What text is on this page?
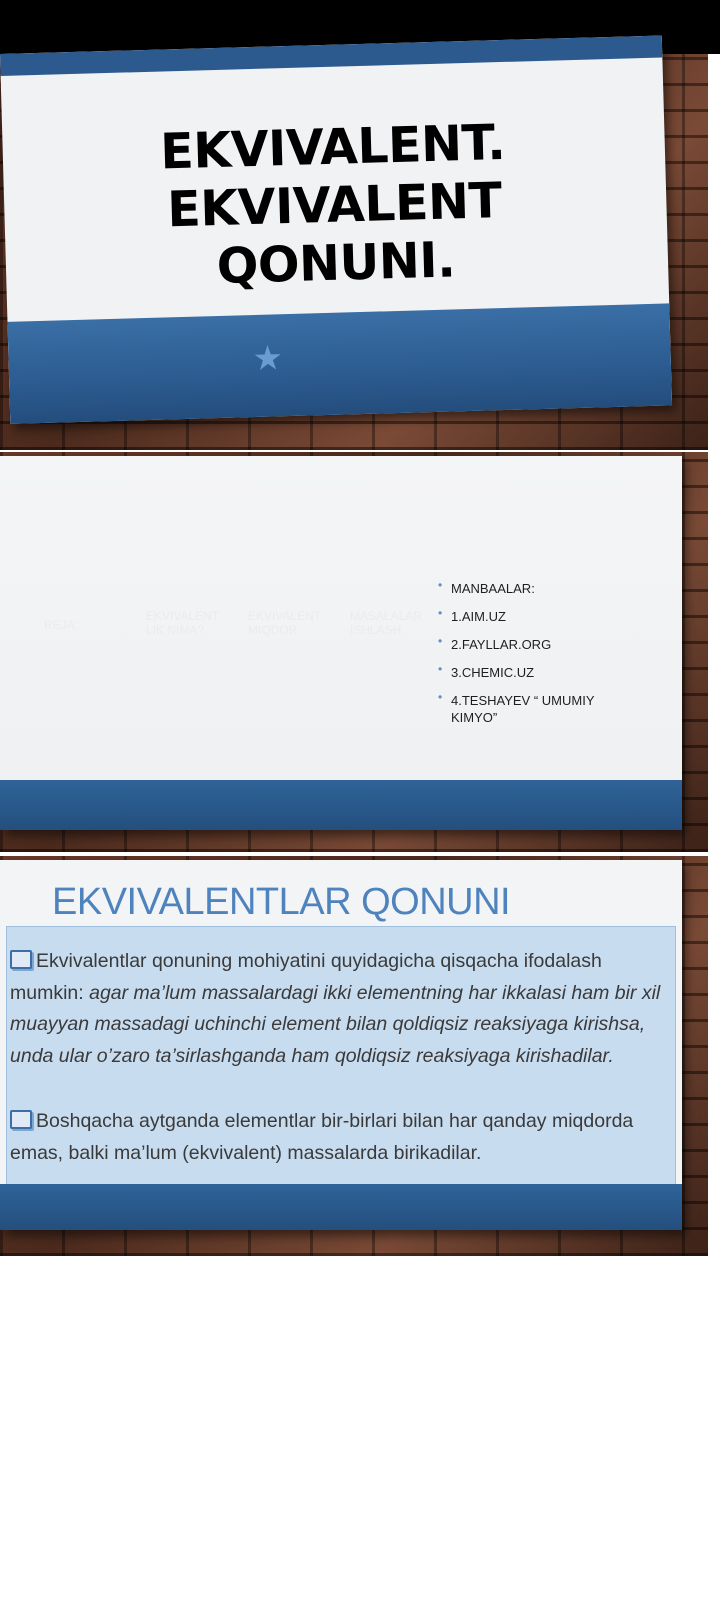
EKVIVALENT.
EKVIVALENT
QONUNI.
★
REJA:
EKVIVALENT LIK NIMA?
EKVIVALENT MIQDOR
MASALALAR ISHLASH
• MANBAALAR:
• 1.AIM.UZ
• 2.FAYLLAR.ORG
• 3.CHEMIC.UZ
• 4.TESHAYEV “ UMUMIY KIMYO”
EKVIVALENTLAR QONUNI
Ekvivalentlar qonuning mohiyatini quyidagicha qisqacha ifodalash mumkin: agar ma’lum massalardagi ikki elementning har ikkalasi ham bir xil muayyan massadagi uchinchi element bilan qoldiqsiz reaksiyaga kirishsa, unda ular o’zaro ta’sirlashganda ham qoldiqsiz reaksiyaga kirishadilar.
Boshqacha aytganda elementlar bir-birlari bilan har qanday miqdorda emas, balki ma’lum (ekvivalent) massalarda birikadilar.
